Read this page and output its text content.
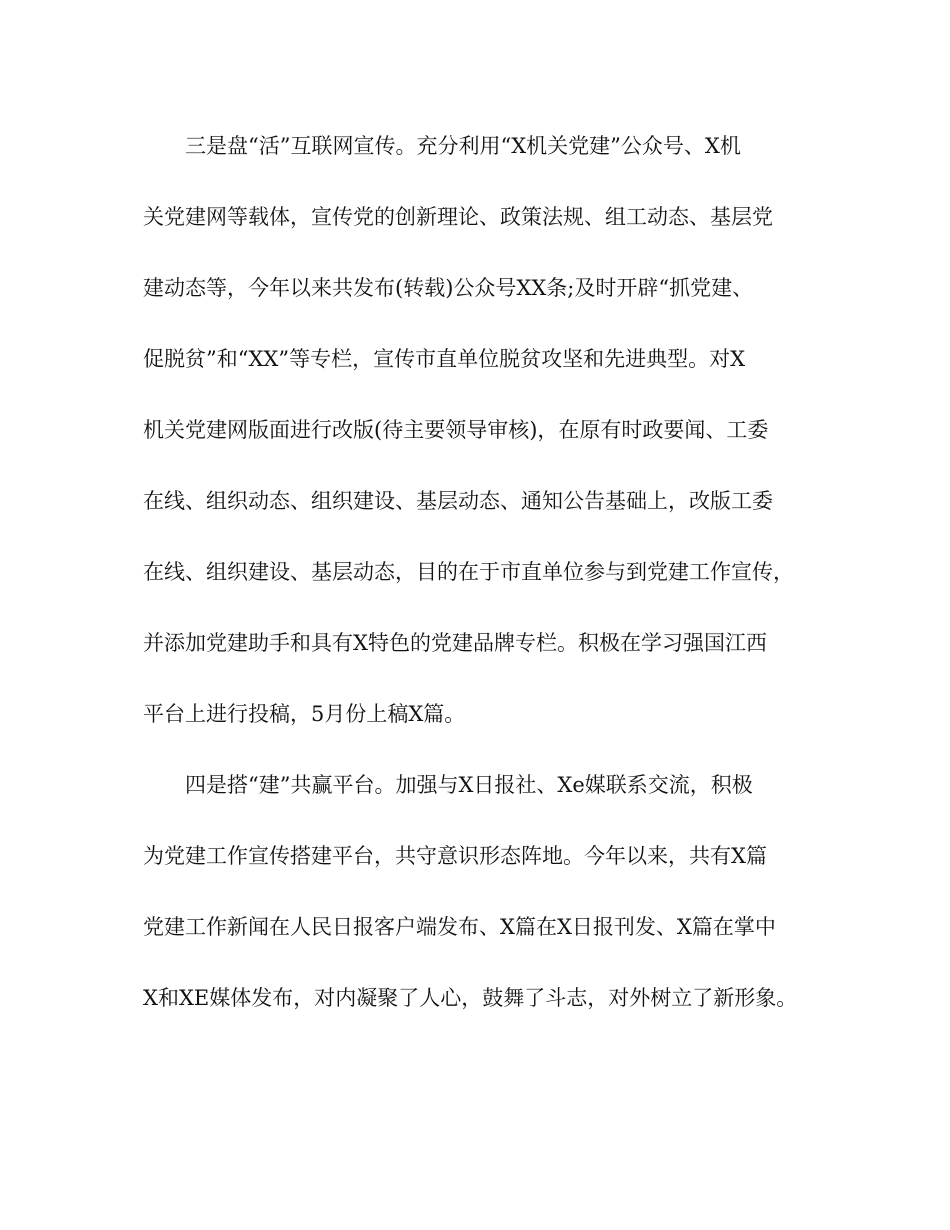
三是盘“活”互联网宣传。充分利用“X机关党建”公众号、X机
关党建网等载体，宣传党的创新理论、政策法规、组工动态、基层党
建动态等，今年以来共发布(转载)公众号XX条;及时开辟“抓党建、
促脱贫”和“XX”等专栏，宣传市直单位脱贫攻坚和先进典型。对X
机关党建网版面进行改版(待主要领导审核)，在原有时政要闻、工委
在线、组织动态、组织建设、基层动态、通知公告基础上，改版工委
在线、组织建设、基层动态，目的在于市直单位参与到党建工作宣传，
并添加党建助手和具有X特色的党建品牌专栏。积极在学习强国江西
平台上进行投稿，5月份上稿X篇。
四是搭“建”共赢平台。加强与X日报社、Xe媒联系交流，积极
为党建工作宣传搭建平台，共守意识形态阵地。今年以来，共有X篇
党建工作新闻在人民日报客户端发布、X篇在X日报刊发、X篇在掌中
X和XE媒体发布，对内凝聚了人心，鼓舞了斗志，对外树立了新形象。
